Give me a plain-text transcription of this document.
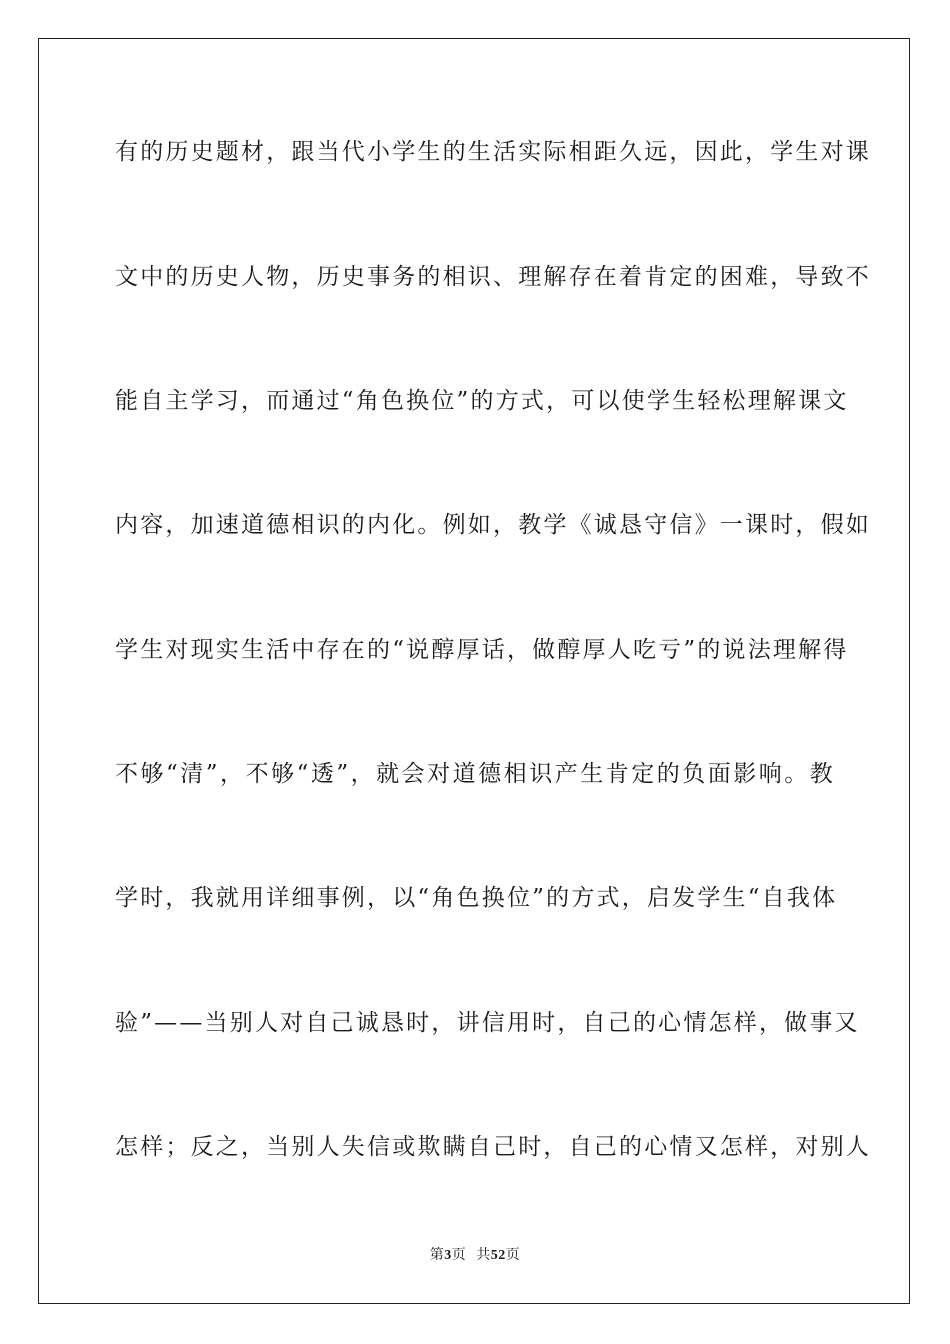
有的历史题材，跟当代小学生的生活实际相距久远，因此，学生对课
文中的历史人物，历史事务的相识、理解存在着肯定的困难，导致不
能自主学习，而通过“角色换位”的方式，可以使学生轻松理解课文
内容，加速道德相识的内化。例如，教学《诚恳守信》一课时，假如
学生对现实生活中存在的“说醇厚话，做醇厚人吃亏”的说法理解得
不够“清”，不够“透”，就会对道德相识产生肯定的负面影响。教
学时，我就用详细事例，以“角色换位”的方式，启发学生“自我体
验”——当别人对自己诚恳时，讲信用时，自己的心情怎样，做事又
怎样；反之，当别人失信或欺瞒自己时，自己的心情又怎样，对别人
第3页 共52页
